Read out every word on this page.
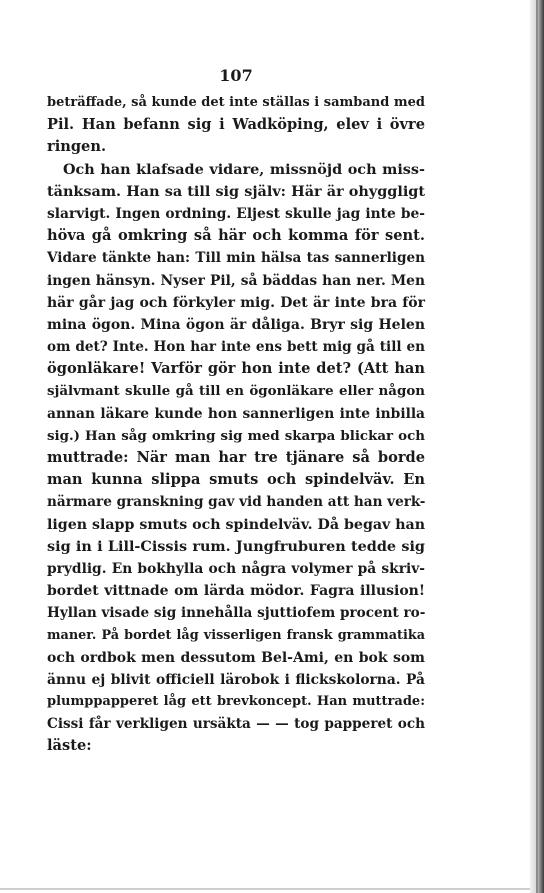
107
beträffade, så kunde det inte ställas i samband med
Pil. Han befann sig i Wadköping, elev i övre
ringen.
Och han klafsade vidare, missnöjd och miss-
tänksam. Han sa till sig själv: Här är ohyggligt
slarvigt. Ingen ordning. Eljest skulle jag inte be-
höva gå omkring så här och komma för sent.
Vidare tänkte han: Till min hälsa tas sannerligen
ingen hänsyn. Nyser Pil, så bäddas han ner. Men
här går jag och förkyler mig. Det är inte bra för
mina ögon. Mina ögon är dåliga. Bryr sig Helen
om det? Inte. Hon har inte ens bett mig gå till en
ögonläkare! Varför gör hon inte det? (Att han
självmant skulle gå till en ögonläkare eller någon
annan läkare kunde hon sannerligen inte inbilla
sig.) Han såg omkring sig med skarpa blickar och
muttrade: När man har tre tjänare så borde
man kunna slippa smuts och spindelväv. En
närmare granskning gav vid handen att han verk-
ligen slapp smuts och spindelväv. Då begav han
sig in i Lill-Cissis rum. Jungfruburen tedde sig
prydlig. En bokhylla och några volymer på skriv-
bordet vittnade om lärda mödor. Fagra illusion!
Hyllan visade sig innehålla sjuttiofem procent ro-
maner. På bordet låg visserligen fransk grammatika
och ordbok men dessutom Bel-Ami, en bok som
ännu ej blivit officiell lärobok i flickskolorna. På
plumppapperet låg ett brevkoncept. Han muttrade:
Cissi får verkligen ursäkta — — tog papperet och
läste:
